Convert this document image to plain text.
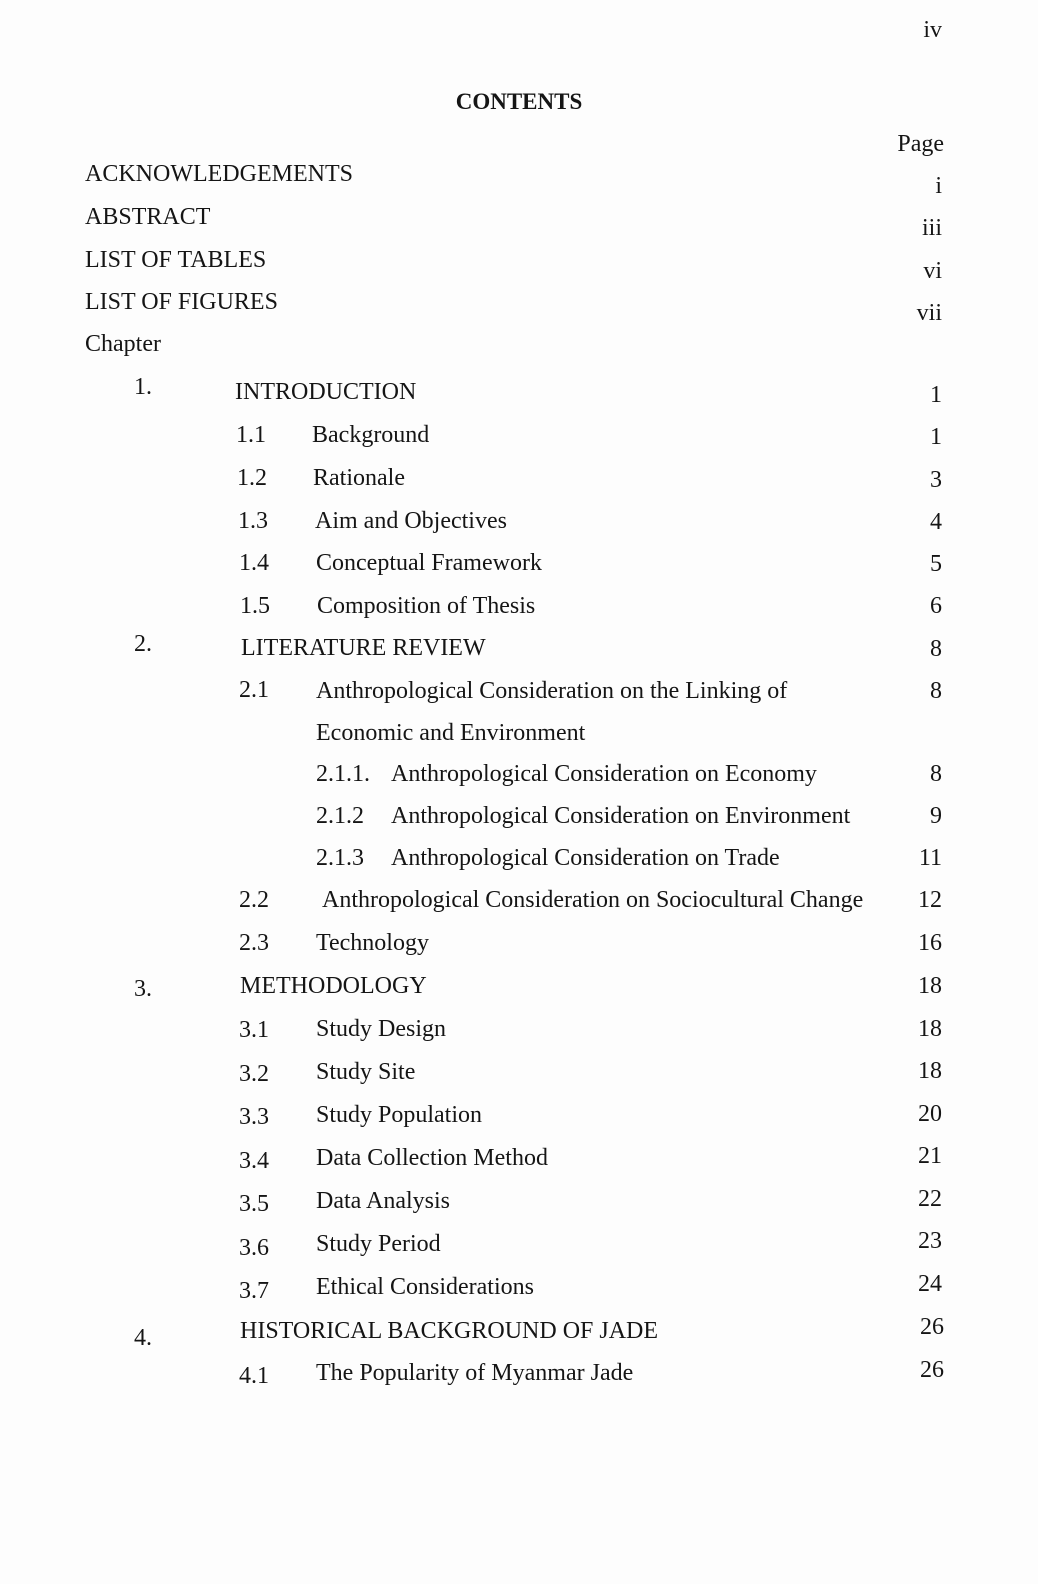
iv
CONTENTS
Page
ACKNOWLEDGEMENTS	i
ABSTRACT	iii
LIST OF TABLES	vi
LIST OF FIGURES	vii
Chapter
1.	INTRODUCTION	1
1.1 Background	1
1.2 Rationale	3
1.3 Aim and Objectives	4
1.4 Conceptual Framework	5
1.5 Composition of Thesis	6
2.	LITERATURE REVIEW	8
2.1 Anthropological Consideration on the Linking of	8
Economic and Environment
2.1.1. Anthropological Consideration on Economy	8
2.1.2 Anthropological Consideration on Environment	9
2.1.3 Anthropological Consideration on Trade	11
2.2 Anthropological Consideration on Sociocultural Change 12
2.3 Technology	16
3.	METHODOLOGY	18
3.1 Study Design	18
3.2 Study Site	18
3.3 Study Population	20
3.4 Data Collection Method	21
3.5 Data Analysis	22
3.6 Study Period	23
3.7 Ethical Considerations	24
4.	HISTORICAL BACKGROUND OF JADE	26
4.1 The Popularity of Myanmar Jade	26
